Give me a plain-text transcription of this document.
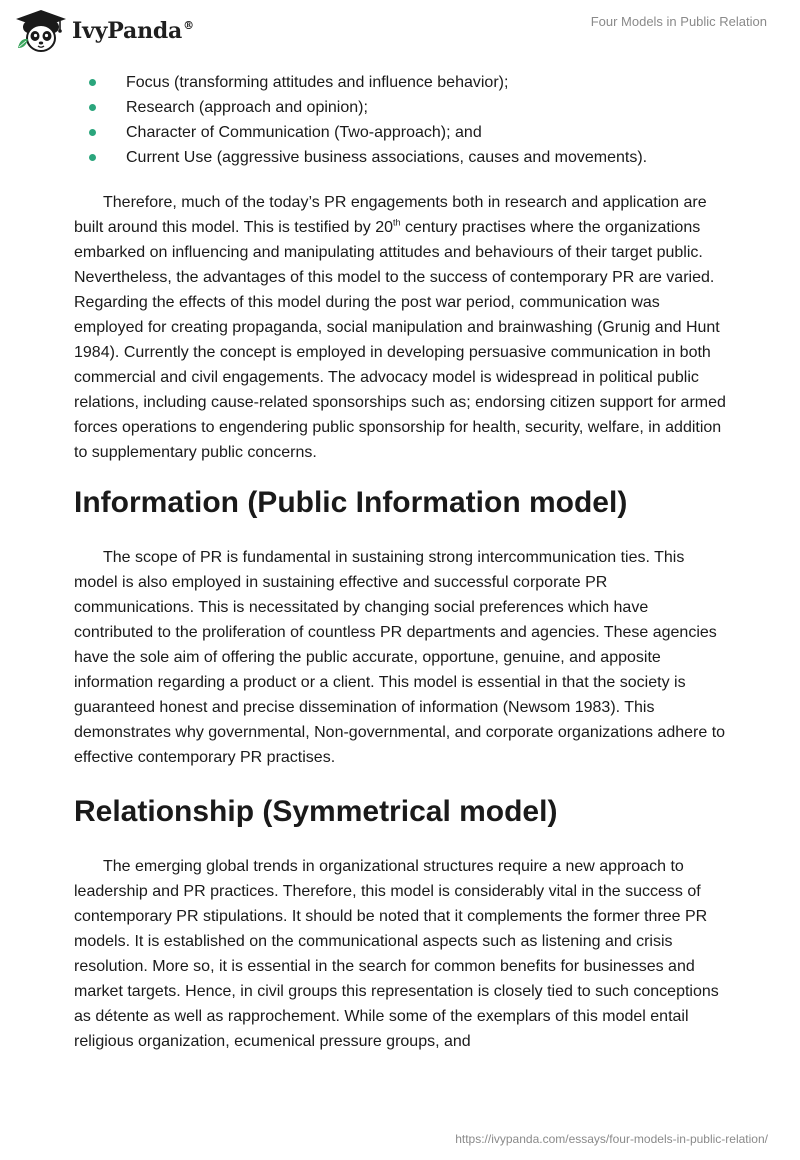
IvyPanda®	Four Models in Public Relation
Focus (transforming attitudes and influence behavior);
Research (approach and opinion);
Character of Communication (Two-approach); and
Current Use (aggressive business associations, causes and movements).

Therefore, much of the today’s PR engagements both in research and application are built around this model. This is testified by 20th century practises where the organizations embarked on influencing and manipulating attitudes and behaviours of their target public. Nevertheless, the advantages of this model to the success of contemporary PR are varied. Regarding the effects of this model during the post war period, communication was employed for creating propaganda, social manipulation and brainwashing (Grunig and Hunt 1984). Currently the concept is employed in developing persuasive communication in both commercial and civil engagements. The advocacy model is widespread in political public relations, including cause-related sponsorships such as; endorsing citizen support for armed forces operations to engendering public sponsorship for health, security, welfare, in addition to supplementary public concerns.

Information (Public Information model)

The scope of PR is fundamental in sustaining strong intercommunication ties. This model is also employed in sustaining effective and successful corporate PR communications. This is necessitated by changing social preferences which have contributed to the proliferation of countless PR departments and agencies. These agencies have the sole aim of offering the public accurate, opportune, genuine, and apposite information regarding a product or a client. This model is essential in that the society is guaranteed honest and precise dissemination of information (Newsom 1983). This demonstrates why governmental, Non-governmental, and corporate organizations adhere to effective contemporary PR practises.

Relationship (Symmetrical model)

The emerging global trends in organizational structures require a new approach to leadership and PR practices. Therefore, this model is considerably vital in the success of contemporary PR stipulations. It should be noted that it complements the former three PR models. It is established on the communicational aspects such as listening and crisis resolution. More so, it is essential in the search for common benefits for businesses and market targets. Hence, in civil groups this representation is closely tied to such conceptions as détente as well as rapprochement. While some of the exemplars of this model entail religious organization, ecumenical pressure groups, and

https://ivypanda.com/essays/four-models-in-public-relation/
